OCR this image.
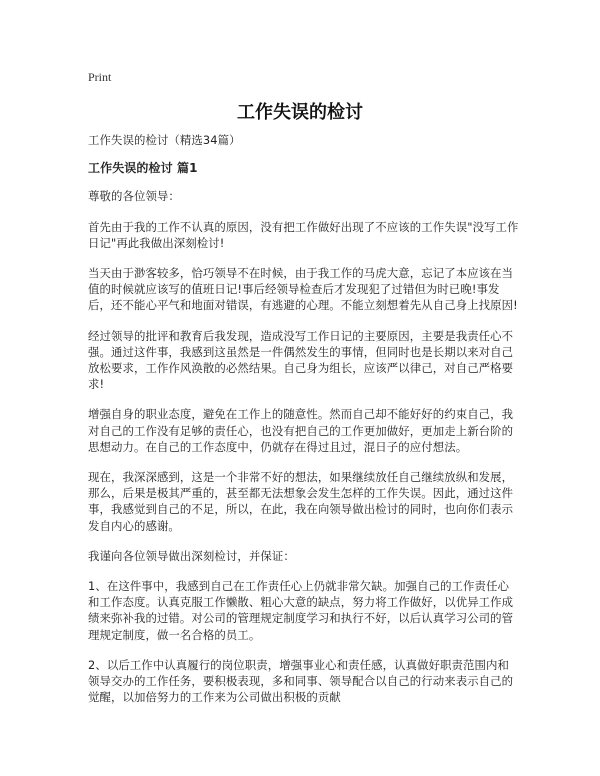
Print
工作失误的检讨

工作失误的检讨（精选34篇）

工作失误的检讨 篇1

尊敬的各位领导：

首先由于我的工作不认真的原因，没有把工作做好出现了不应该的工作失误"没写工作日记"再此我做出深刻检讨!

当天由于渺客较多，恰巧领导不在时候，由于我工作的马虎大意，忘记了本应该在当值的时候就应该写的值班日记!事后经领导检查后才发现犯了过错但为时已晚!事发后，还不能心平气和地面对错误，有逃避的心理。不能立刻想着先从自己身上找原因!

经过领导的批评和教育后我发现，造成没写工作日记的主要原因，主要是我责任心不强。通过这件事，我感到这虽然是一件偶然发生的事情，但同时也是长期以来对自己放松要求，工作作风涣散的必然结果。自己身为组长，应该严以律己，对自己严格要求!

增强自身的职业态度，避免在工作上的随意性。然而自己却不能好好的约束自己，我对自己的工作没有足够的责任心，也没有把自己的工作更加做好，更加走上新台阶的思想动力。在自己的工作态度中，仍就存在得过且过，混日子的应付想法。

现在，我深深感到，这是一个非常不好的想法，如果继续放任自己继续放纵和发展，那么，后果是极其严重的，甚至都无法想象会发生怎样的工作失误。因此，通过这件事，我感觉到自己的不足，所以，在此，我在向领导做出检讨的同时，也向你们表示发自内心的感谢。

我谨向各位领导做出深刻检讨，并保证：

1、在这件事中，我感到自己在工作责任心上仍就非常欠缺。加强自己的工作责任心和工作态度。认真克服工作懒散、粗心大意的缺点，努力将工作做好，以优异工作成绩来弥补我的过错。对公司的管理规定制度学习和执行不好，以后认真学习公司的管理规定制度，做一名合格的员工。

2、以后工作中认真履行的岗位职责，增强事业心和责任感，认真做好职责范围内和领导交办的工作任务，要积极表现，多和同事、领导配合以自己的行动来表示自己的觉醒，以加倍努力的工作来为公司做出积极的贡献
